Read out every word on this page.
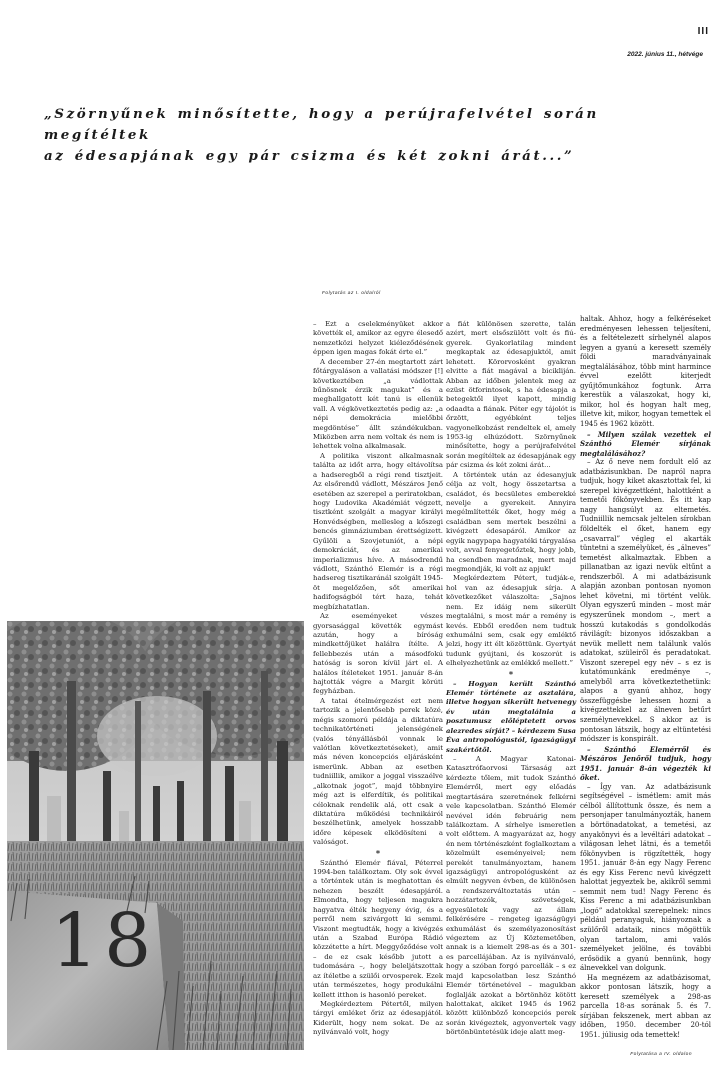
III
2022. június 11., hétvége
„Szörnyűnek minősítette, hogy a perújrafelvétel során megítéltek
az édesapjának egy pár csizma és két zokni árát...”
Folytatás az I. oldalról
18

– Ezt a cselekményüket akkor követték el, amikor az egyre élesedő nemzetközi helyzet kiéleződésének éppen igen magas fokát érte el.”

A december 27-én megtartott zárt főtárgyaláson a vallatási módszer [!] következtében „a vádlottak bűnösnek érzik magukat” és a meghallgatott két tanú is ellenük vall. A végkövetkeztetés pedig az: „a népi demokrácia mielőbbi megdöntése” állt szándékukban. Miközben arra nem voltak és nem is lehettek volna alkalmasak.

A politika viszont alkalmasnak találta az időt arra, hogy eltávolítsa a hadseregből a régi rend tisztjeit. Az elsőrendű vádlott, Mészáros Jenő esetében az szerepel a periratokban, hogy Ludovika Akadémiát végzett, tisztként szolgált a magyar királyi Honvédségben, mellesleg a kőszegi bencés gimnáziumban érettségizett. Gyűlöli a Szovjetuniót, a népi demokráciát, és az amerikai imperializmus híve. A másodrendű vádlott, Szánthó Elemér is a régi hadsereg tisztikaránál szolgált 1945-öt megelőzően, sőt amerikai hadifogságból tért haza, tehát megbízhatatlan.

Az eseményeket vészes gyorsasággal követték egymást azután, hogy a bíróság mindkettőjüket halálra ítélte. A fellebbezés után a másodfokú hatóság is soron kívül járt el. A halálos ítéleteket 1951. január 8-án hajtották végre a Margit körúti fegyházban.

A tatai ételmérgezést ezt nem tartozik a jelentősebb perek közé, mégis szomorú példája a diktatúra technikatörténeti jelenségének (valós tényállásból vonnak le valótlan következtetéseket), amit más néven koncepciós eljárásként ismerünk. Abban az esetben tudniillik, amikor a joggal visszaélve „alkotnak jogot”, majd többnyire még azt is elferdítik, és politikai céloknak rendelik alá, ott csak a diktatúra működési technikáiról beszélhetünk, amelyek hosszabb időre képesek elködösíteni a valóságot.

*

Szánthó Elemér fiával, Péterrel 1994-ben találkoztam. Oly sok évvel a történtek után is meghatottan és nehezen beszélt édesapjáról. Elmondta, hogy teljesen magukra hagyatva élték hegyeny évig, és a perről nem szivárgott ki semmi. Viszont megtudták, hogy a kivégzés után a Szabad Európa Rádió közzétette a hírt. Meggyőződése volt – de ez csak később jutott a tudomására –, hogy beleljátszottak az ítéletbe a szülői orvosperek. Ezek után természetes, hogy produkálni kellett itthon is hasonló pereket.

Megkérdeztem Pétertől, milyen tárgyi emléket őriz az édesapjától. Kiderült, hogy nem sokat. De az nyilvánvaló volt, hogy

a fiát különösen szerette, talán azért, mert elsőszülött volt és fiú-gyerek. Gyakorlatilag mindent megkaptak az édesapjuktól, amit lehetett. Körorvosként gyakran elvitte a fiát magával a bicikliján. Abban az időben jelentek meg az ezüst ötforintosok, s ha édesapja a betegektől ilyet kapott, mindig odaadta a fiának. Péter egy tájolót is őrzött, egyébként teljes vagyonelkobzást rendeltek el, amely 1953-ig elhúzódott. Szörnyűnek minősítette, hogy a perújrafelvétel során megítéltek az édesapjának egy pár csizma és két zokni árát...

A történtek után az édesanyjuk célja az volt, hogy összetartsa a családot, és becsületes emberekké nevelje a gyerekeit. Annyira megélmlítették őket, hogy még a családban sem mertek beszélni a kivégzett édesapáról. Amikor az egyik nagypapa hagyatéki tárgyalása volt, avval fenyegetőztek, hogy jobb, ha csendben maradnak, mert majd megmondják, ki volt az apjuk!

Megkérdeztem Pétert, tudják-e, hol van az édesapjuk sírja. A következőket válaszolta: „Sajnos nem. Ez idáig nem sikerült megtalálni, s most már a remény is kevés. Ebből eredően nem tudtuk exhumálni sem, csak egy emléktő jelzi, hogy itt élt közöttünk. Gyertyát tudunk gyújtani, és koszorút is elhelyezhetünk az emlékkő mellett.”

*

– Hogyan került Szánthó Elemér története az asztalára, illetve hogyan sikerült hetvenegy év után megtalálnia a posztumusz előléptetett orvos alezredes sírját? – kérdezem Susa Éva antropológustól, igazságügyi szakértőtől.

– A Magyar Katonai-Katasztrófaorvosi Társaság azt kérdezte tőlem, mit tudok Szánthó Elemérről, mert egy előadás megtartására szeretnének felkérni vele kapcsolatban. Szánthó Elemér nevével idén februárig nem találkoztam. A sírhelye ismeretlen volt előttem. A magyarázat az, hogy én nem történészként foglalkoztam a közelmúlt eseményeivel; nem perekét tanulmányoztam, hanem igazságügyi antropológusként az elmúlt negyven évben, de különösen a rendszerváltoztatás után – hozzátartozók, szövetségek, egyesületek vagy az állam felkérésére – rengeteg igazságügyi exhumálást és személyazonosítást végeztem az Új Köztemetőben, annak is a kiemelt 298-as és a 301-es parcellájában. Az is nyilvánvaló, hogy a szóban forgó parcellák – s ez majd kapcsolatban lesz Szánthó Elemér történetével – magukban foglalják azokat a börtönhöz kötött halottakat, akiket 1945 és 1962 között különböző koncepciós perek során kivégeztek, agyonvertek vagy börtönbüntetésük ideje alatt meg-

haltak. Ahhoz, hogy a felkéréseket eredményesen lehessen teljesíteni, és a feltételezett sírhelynél alapos legyen a gyanú a keresett személy földi maradványainak megtalálásához, több mint harmince évvel ezelőtt kiterjedt gyűjtőmunkához fogtunk. Arra kerestük a válaszokat, hogy ki, mikor, hol és hogyan halt meg, illetve kit, mikor, hogyan temettek el 1945 és 1962 között.

– Milyen szálak vezettek el Szánthó Elemér sírjának megtalálásához?

– Az ő neve nem fordult elő az adatbázisunkban. De napról napra tudjuk, hogy kiket akasztottak fel, ki szerepel kivégzettként, halottként a temetői főkönyvekben. És itt kap nagy hangsúlyt az eltemetés. Tudniillik nemcsak jeltelen sírokban földelték el őket, hanem egy „csavarral” végleg el akarták tüntetni a személyüket, és „álneves” temetést alkalmaztak. Ebben a pillanatban az igazi nevük eltűnt a rendszerből. A mi adatbázisunk alapján azonban pontosan nyomon lehet követni, mi történt velük. Olyan egyszerű minden – most már egyszerűnek mondom –, mert a hosszú kutakodás s gondolkodás rávilágít: bizonyos időszakban a nevük mellett nem találunk valós adatokat, szüleiről és peradatokat. Viszont szerepel egy név – s ez is kutatómunkánk eredménye –, amelyből arra következtethetünk: alapos a gyanú ahhoz, hogy összefüggésbe lehessen hozni a kivégzettekkel az álneven betűrt személynevekkel. S akkor az is pontosan látszik, hogy az eltüntetési módszer is konspirált.

– Szánthó Elemérről és Mészáros Jenőről tudjuk, hogy 1951. január 8-án végezték ki őket.

– Így van. Az adatbázisunk segítségével – ismétlem: amit más célból állítottunk össze, és nem a personjaper tanulmányozták, hanem a börtönadatokat, a temetési, az anyakönyvi és a levéltári adatokat – világosan lehet látni, és a temetői főkönyvben is rögzítették, hogy 1951. január 8-án egy Nagy Ferenc és egy Kiss Ferenc nevű kivégzett halottat jegyeztek be, akikről semmi semmit nem tud! Nagy Ferenc és Kiss Ferenc a mi adatbázisunkban „logó” adatokkal szerepelnek: nincs például peranyaguk, hiányoznak a szülőről adataik, nincs mögöttük olyan tartalom, ami valós személyeket jelölne, és további erősödik a gyanú bennünk, hogy álnevekkel van dolgunk.

Ha megnézem az adatbázisomat, akkor pontosan látszik, hogy a keresett személyek a 298-as parcella 18-as sorának 5. és 7. sírjában fekszenek, mert abban az időben, 1950. december 20-tól 1951. júliusig oda temettek!

Folytatása a IV. oldalon
